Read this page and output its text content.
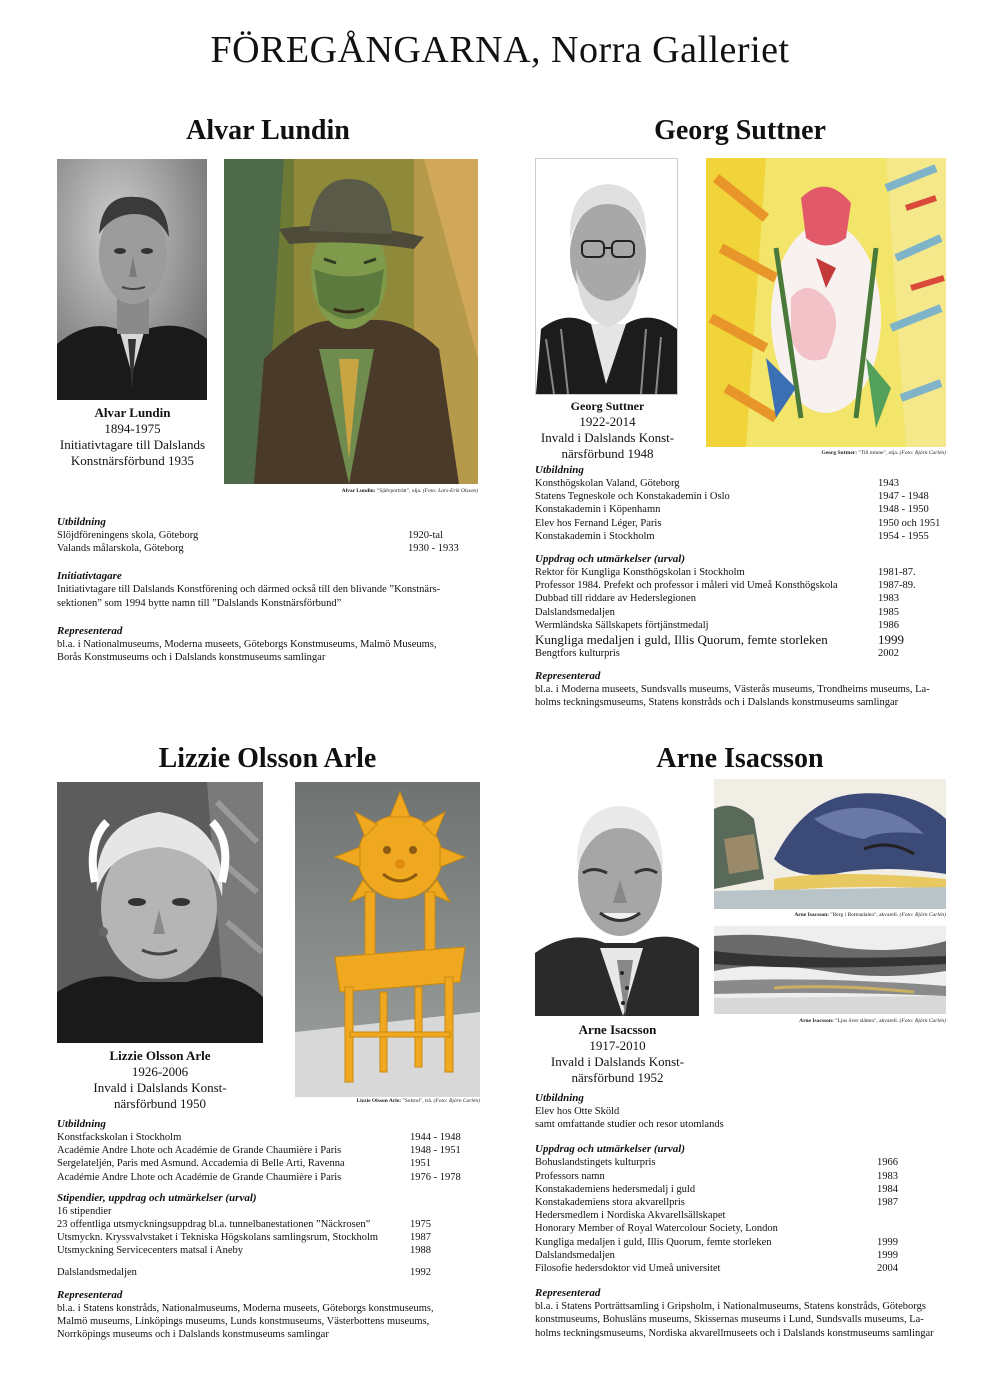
FÖREGÅNGARNA, Norra Galleriet
Alvar Lundin
Alvar Lundin
1894-1975
Initiativtagare till Dalslands
Konstnärsförbund 1935
Alvar Lundin: "Självporträtt", olja. (Foto: Lars-Erik Olsson)
Utbildning
Slöjdföreningens skola, Göteborg	1920-tal
Valands målarskola, Göteborg	1930 - 1933
Initiativtagare
Initiativtagare till Dalslands Konstförening och därmed också till den blivande ”Konstnärs-
sektionen” som 1994 bytte namn till ”Dalslands Konstnärsförbund”
Representerad
bl.a. i Nationalmuseums, Moderna museets, Göteborgs Konstmuseums, Malmö Museums,
Borås Konstmuseums och i Dalslands konstmuseums samlingar
Georg Suttner
Georg Suttner
1922-2014
Invald i Dalslands Konst-
närsförbund 1948	Georg Suttner: "Till minne", olja. (Foto: Björn Carlén)
Utbildning
Konsthögskolan Valand, Göteborg	1943
Statens Tegneskole och Konstakademin i Oslo	1947 - 1948
Konstakademin i Köpenhamn	1948 - 1950
Elev hos Fernand Léger, Paris	1950 och 1951
Konstakademin i Stockholm	1954 - 1955
Uppdrag och utmärkelser (urval)
Rektor för Kungliga Konsthögskolan i Stockholm	1981-87.
Professor 1984. Prefekt och professor i måleri vid Umeå Konsthögskola	1987-89.
Dubbad till riddare av Hederslegionen	1983
Dalslandsmedaljen	1985
Wermländska Sällskapets förtjänstmedalj	1986
Kungliga medaljen i guld, Illis Quorum, femte storleken	1999
Bengtfors kulturpris	2002
Representerad
bl.a. i Moderna museets, Sundsvalls museums, Västerås museums, Trondheims museums, La-
holms teckningsmuseums, Statens konstråds och i Dalslands konstmuseums samlingar
Lizzie Olsson Arle
Lizzie Olsson Arle
1926-2006
Invald i Dalslands Konst-
närsförbund 1950	Lizzie Olsson Arle: "Solstol", trä. (Foto: Björn Carlén)
Utbildning
Konstfackskolan i Stockholm	1944 - 1948
Académie Andre Lhote och Académie de Grande Chaumière i Paris	1948 - 1951
Sergelateljén, Paris med Asmund. Accademia di Belle Arti, Ravenna	1951
Académie Andre Lhote och Académie de Grande Chaumière i Paris	1976 - 1978
Stipendier, uppdrag och utmärkelser (urval)
16 stipendier
23 offentliga utsmyckningsuppdrag bl.a. tunnelbanestationen ”Näckrosen”	1975
Utsmyckn. Kryssvalvstaket i Tekniska Högskolans samlingsrum, Stockholm	1987
Utsmyckning Servicecenters matsal i Aneby	1988
Dalslandsmedaljen	1992
Representerad
bl.a. i Statens konstråds, Nationalmuseums, Moderna museets, Göteborgs konstmuseums,
Malmö museums, Linköpings museums, Lunds konstmuseums, Västerbottens museums,
Norrköpings museums och i Dalslands konstmuseums samlingar
Arne Isacsson
Arne Isacsson
1917-2010
Invald i Dalslands Konst-
närsförbund 1952
Arne Isacsson: "Berg i Bottnadalen", akvarell. (Foto: Björn Carlén)
Arne Isacsson: "Ljus över slätten", akvarell. (Foto: Björn Carlén)
Utbildning
Elev hos Otte Sköld
samt omfattande studier och resor utomlands
Uppdrag och utmärkelser (urval)
Bohuslandstingets kulturpris	1966
Professors namn	1983
Konstakademiens hedersmedalj i guld	1984
Konstakademiens stora akvarellpris	1987
Hedersmedlem i Nordiska Akvarellsällskapet
Honorary Member of Royal Watercolour Society, London
Kungliga medaljen i guld, Illis Quorum, femte storleken	1999
Dalslandsmedaljen	1999
Filosofie hedersdoktor vid Umeå universitet	2004
Representerad
bl.a. i Statens Porträttsamling i Gripsholm, i Nationalmuseums, Statens konstråds, Göteborgs
konstmuseums, Bohusläns museums, Skissernas museums i Lund, Sundsvalls museums, La-
holms teckningsmuseums, Nordiska akvarellmuseets och i Dalslands konstmuseums samlingar
